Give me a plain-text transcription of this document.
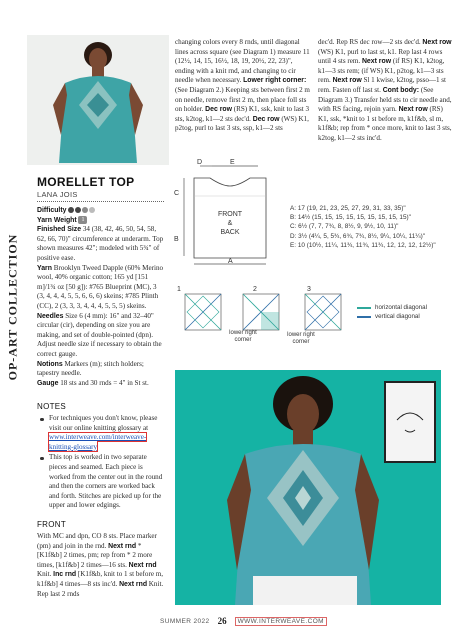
OP-ART COLLECTION
changing colors every 8 rnds, until diagonal lines across square (see Diagram 1) measure 11 (12½, 14, 15, 16½, 18, 19, 20½, 22, 23)", ending with a knit rnd, and changing to cir needle when necessary. Lower right corner: (See Diagram 2.) Keeping sts between first 2 m on needle, remove first 2 m, then place foll sts on holder. Dec row (RS) K1, ssk, knit to last 3 sts, k2tog, k1—2 sts dec'd. Dec row (WS) K1, p2tog, purl to last 3 sts, ssp, k1—2 sts
dec'd. Rep RS dec row—2 sts dec'd. Next row (WS) K1, purl to last st, k1. Rep last 4 rows until 4 sts rem. Next row (if RS) K1, k2tog, k1—3 sts rem; (if WS) K1, p2tog, k1—3 sts rem. Next row Sl 1 kwise, k2tog, psso—1 st rem. Fasten off last st. Cont body: (See Diagram 3.) Transfer held sts to cir needle and, with RS facing, rejoin yarn. Next row (RS) K1, ssk, *knit to 1 st before m, k1f&b, sl m, k1f&b; rep from * once more, knit to last 3 sts, k2tog, k1—2 sts inc'd.
D	E
C
B
A
FRONT
&
BACK
A: 17 (19, 21, 23, 25, 27, 29, 31, 33, 35)"
B: 14½ (15, 15, 15, 15, 15, 15, 15, 15, 15)"
C: 6½ (7, 7, 7¾, 8, 8½, 9, 9½, 10, 11)"
D: 3½ (4¼, 5, 5¾, 6¾, 7¾, 8½, 9¼, 10¼, 11¼)"
E: 10 (10½, 11¼, 11¾, 11¾, 11¾, 12, 12, 12, 12½)"
1	2	3
lower right corner
lower right corner
horizontal diagonal
vertical diagonal
MORELLET TOP
LANA JOIS
Difficulty
Yarn Weight 1
Finished Size 34 (38, 42, 46, 50, 54, 58, 62, 66, 70)" circumference at underarm. Top shown measures 42"; modeled with 5¾" of positive ease.
Yarn Brooklyn Tweed Dapple (60% Merino wool, 40% organic cotton; 165 yd [151 m]/1¾ oz [50 g]): #765 Blueprint (MC), 3 (3, 4, 4, 4, 5, 5, 6, 6, 6) skeins; #785 Plinth (CC), 2 (3, 3, 3, 4, 4, 4, 5, 5, 5) skeins.
Needles Size 6 (4 mm): 16" and 32–40" circular (cir), depending on size you are making, and set of double-pointed (dpn). Adjust needle size if necessary to obtain the correct gauge.
Notions Markers (m); stitch holders; tapestry needle.
Gauge 18 sts and 30 rnds = 4" in St st.
NOTES
For techniques you don't know, please visit our online knitting glossary at www.interweave.com/interweave-knitting-glossary.
This top is worked in two separate pieces and seamed. Each piece is worked from the center out in the round and then the corners are worked back and forth. Stitches are picked up for the upper and lower edgings.
FRONT
With MC and dpn, CO 8 sts. Place marker (pm) and join in the rnd. Next rnd *[K1f&b] 2 times, pm; rep from * 2 more times, [k1f&b] 2 times—16 sts. Next rnd Knit. Inc rnd [K1f&b, knit to 1 st before m, k1f&b] 4 times—8 sts inc'd. Next rnd Knit. Rep last 2 rnds
SUMMER 2022 26	WWW.INTERWEAVE.COM
